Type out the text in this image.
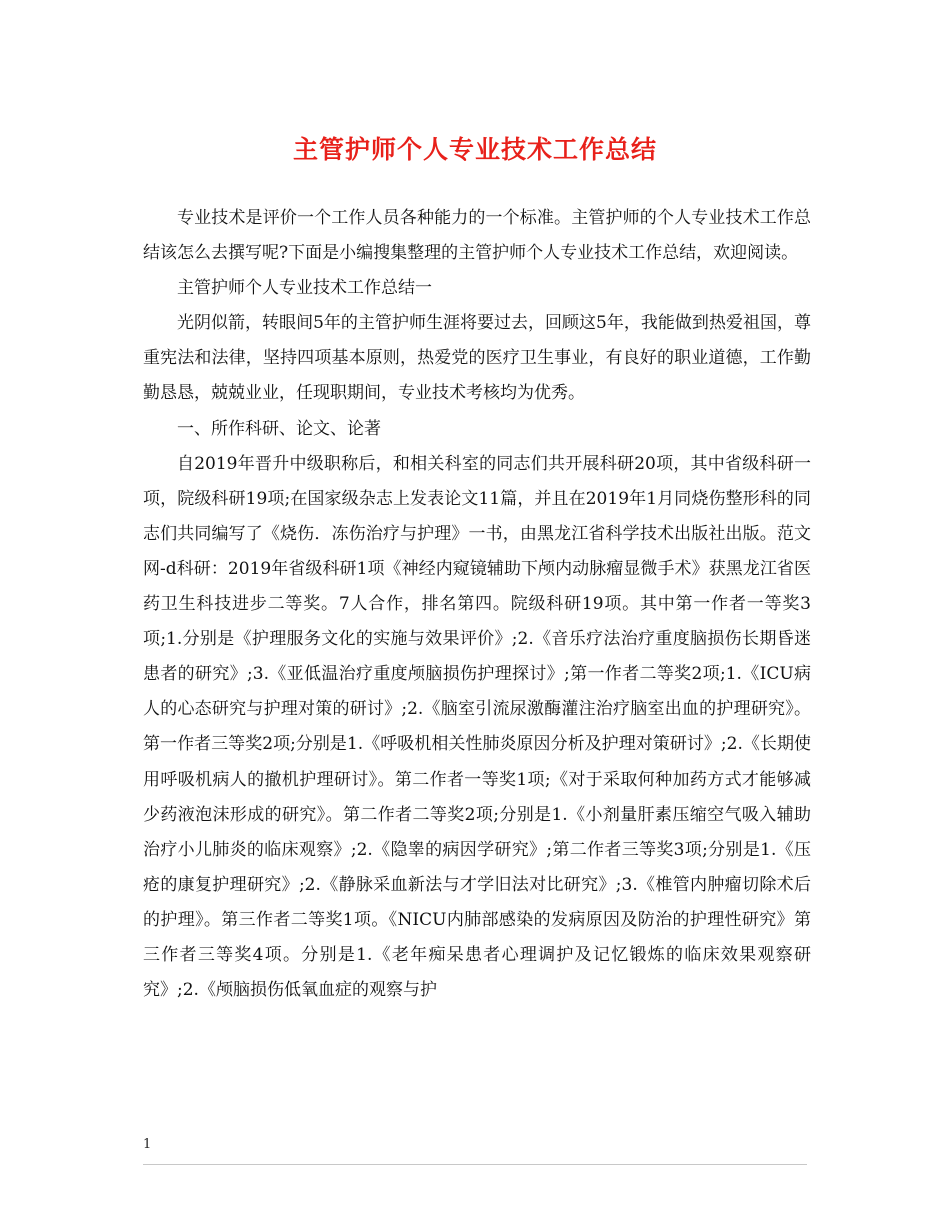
主管护师个人专业技术工作总结

专业技术是评价一个工作人员各种能力的一个标准。主管护师的个人专业技术工作总结该怎么去撰写呢?下面是小编搜集整理的主管护师个人专业技术工作总结，欢迎阅读。

主管护师个人专业技术工作总结一

光阴似箭，转眼间5年的主管护师生涯将要过去，回顾这5年，我能做到热爱祖国，尊重宪法和法律，坚持四项基本原则，热爱党的医疗卫生事业，有良好的职业道德，工作勤勤恳恳，兢兢业业，任现职期间，专业技术考核均为优秀。

一、所作科研、论文、论著

自2019年晋升中级职称后，和相关科室的同志们共开展科研20项，其中省级科研一项，院级科研19项;在国家级杂志上发表论文11篇，并且在2019年1月同烧伤整形科的同志们共同编写了《烧伤．冻伤治疗与护理》一书，由黑龙江省科学技术出版社出版。范文网-d科研：2019年省级科研1项《神经内窥镜辅助下颅内动脉瘤显微手术》获黑龙江省医药卫生科技进步二等奖。7人合作，排名第四。院级科研19项。其中第一作者一等奖3项;1.分别是《护理服务文化的实施与效果评价》;2.《音乐疗法治疗重度脑损伤长期昏迷患者的研究》;3.《亚低温治疗重度颅脑损伤护理探讨》;第一作者二等奖2项;1.《ICU病人的心态研究与护理对策的研讨》;2.《脑室引流尿激酶灌注治疗脑室出血的护理研究》。第一作者三等奖2项;分别是1.《呼吸机相关性肺炎原因分析及护理对策研讨》;2.《长期使用呼吸机病人的撤机护理研讨》。第二作者一等奖1项;《对于采取何种加药方式才能够减少药液泡沫形成的研究》。第二作者二等奖2项;分别是1.《小剂量肝素压缩空气吸入辅助治疗小儿肺炎的临床观察》;2.《隐睾的病因学研究》;第二作者三等奖3项;分别是1.《压疮的康复护理研究》;2.《静脉采血新法与才学旧法对比研究》;3.《椎管内肿瘤切除术后的护理》。第三作者二等奖1项。《NICU内肺部感染的发病原因及防治的护理性研究》第三作者三等奖4项。分别是1.《老年痴呆患者心理调护及记忆锻炼的临床效果观察研究》;2.《颅脑损伤低氧血症的观察与护

1
